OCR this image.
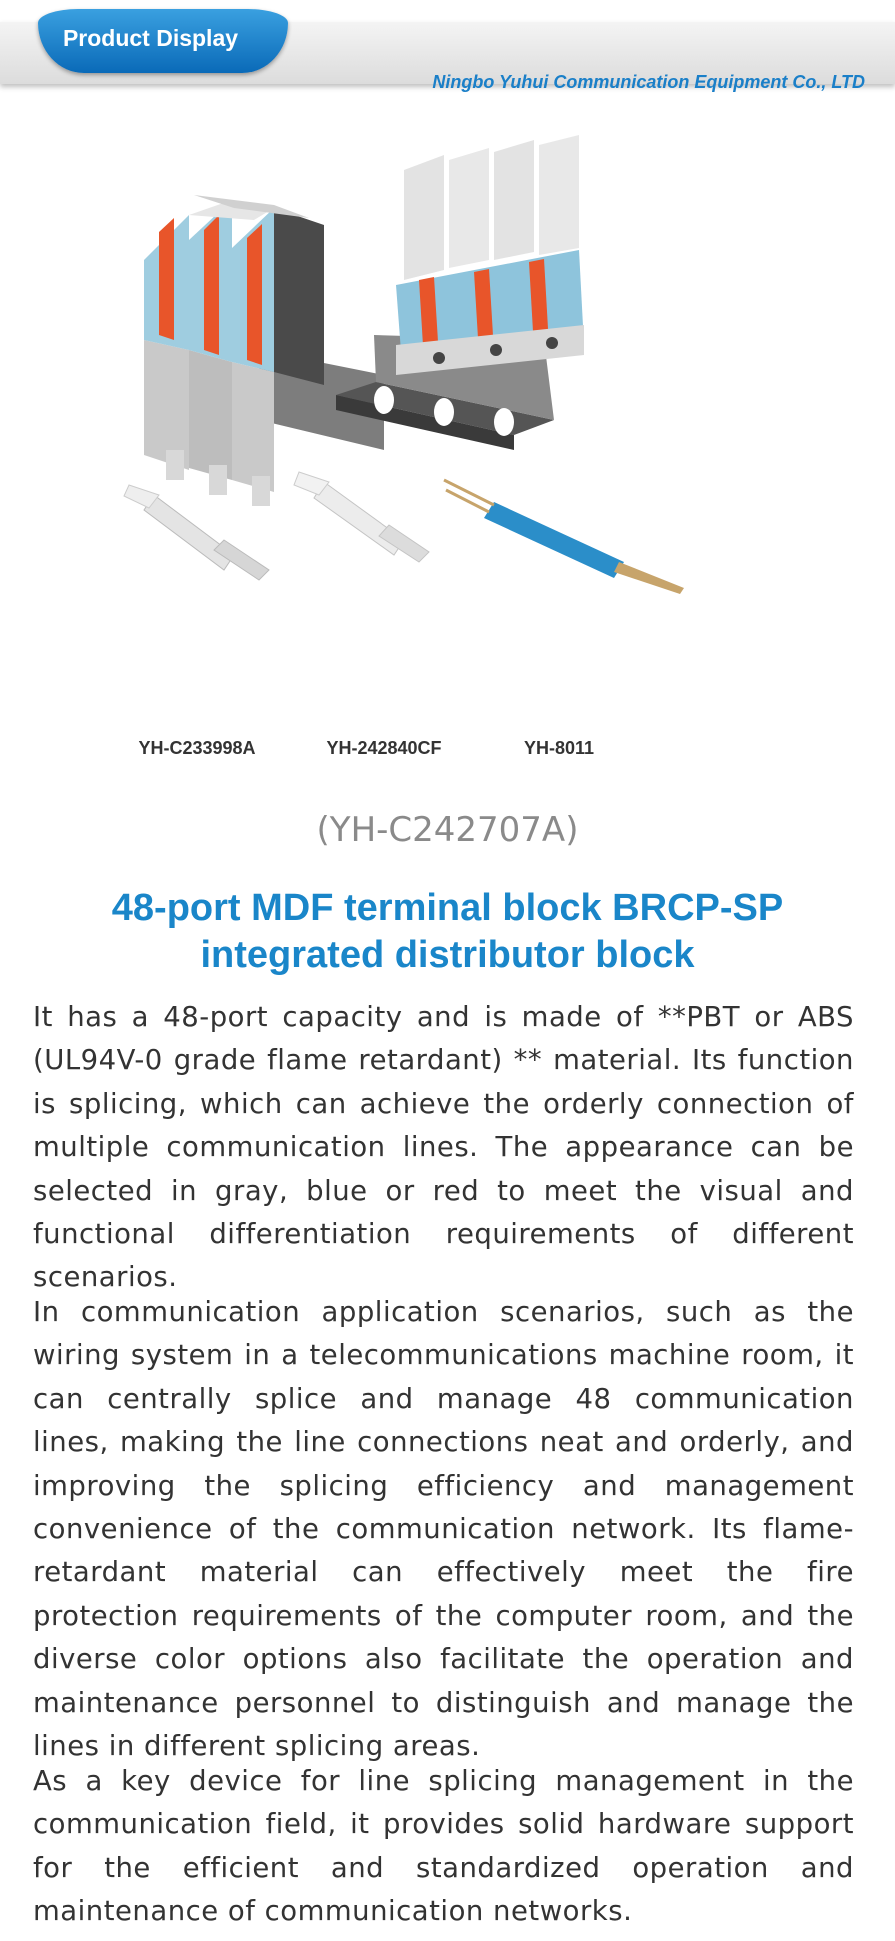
Ningbo Yuhui Communication Equipment Co., LTD
Product Display
YH-C233998A	YH-242840CF	YH-8011
(YH-C242707A)
48-port MDF terminal block BRCP-SP
integrated distributor block

It has a 48-port capacity and is made of **PBT or ABS (UL94V-0 grade flame retardant) ** material. Its function is splicing, which can achieve the orderly connection of multiple communication lines. The appearance can be selected in gray, blue or red to meet the visual and functional differentiation requirements of different scenarios.

In communication application scenarios, such as the wiring system in a telecommunications machine room, it can centrally splice and manage 48 communication lines, making the line connections neat and orderly, and improving the splicing efficiency and management convenience of the communication network. Its flame-retardant material can effectively meet the fire protection requirements of the computer room, and the diverse color options also facilitate the operation and maintenance personnel to distinguish and manage the lines in different splicing areas.

As a key device for line splicing management in the communication field, it provides solid hardware support for the efficient and standardized operation and maintenance of communication networks.
